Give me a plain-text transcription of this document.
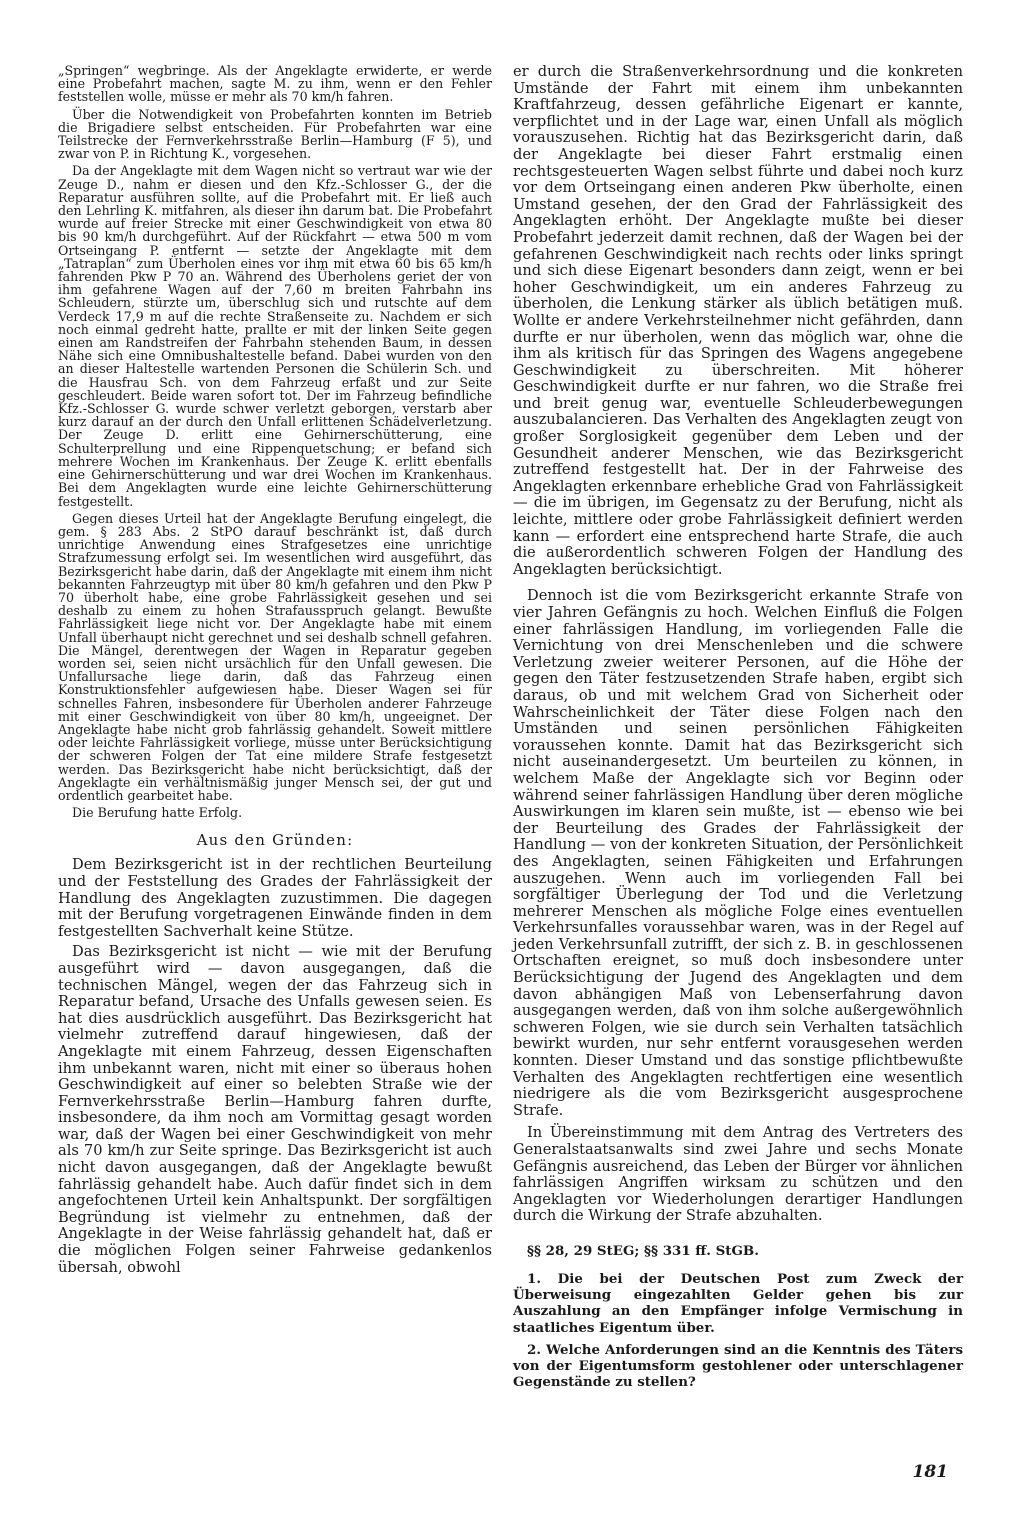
„Springen“ wegbringe. Als der Angeklagte erwiderte, er werde eine Probefahrt machen, sagte M. zu ihm, wenn er den Fehler feststellen wolle, müsse er mehr als 70 km/h fahren.

Über die Notwendigkeit von Probefahrten konnten im Betrieb die Brigadiere selbst entscheiden. Für Probefahrten war eine Teilstrecke der Fernverkehrsstraße Berlin—Hamburg (F 5), und zwar von P. in Richtung K., vorgesehen.

Da der Angeklagte mit dem Wagen nicht so vertraut war wie der Zeuge D., nahm er diesen und den Kfz.-Schlosser G., der die Reparatur ausführen sollte, auf die Probefahrt mit. Er ließ auch den Lehrling K. mitfahren, als dieser ihn darum bat. Die Probefahrt wurde auf freier Strecke mit einer Geschwindigkeit von etwa 80 bis 90 km/h durchgeführt. Auf der Rückfahrt — etwa 500 m vom Ortseingang P. entfernt — setzte der Angeklagte mit dem „Tatraplan“ zum Überholen eines vor ihm mit etwa 60 bis 65 km/h fahrenden Pkw P 70 an. Während des Überholens geriet der von ihm gefahrene Wagen auf der 7,60 m breiten Fahrbahn ins Schleudern, stürzte um, überschlug sich und rutschte auf dem Verdeck 17,9 m auf die rechte Straßenseite zu. Nachdem er sich noch einmal gedreht hatte, prallte er mit der linken Seite gegen einen am Randstreifen der Fahrbahn stehenden Baum, in dessen Nähe sich eine Omnibushaltestelle befand. Dabei wurden von den an dieser Haltestelle wartenden Personen die Schülerin Sch. und die Hausfrau Sch. von dem Fahrzeug erfaßt und zur Seite geschleudert. Beide waren sofort tot. Der im Fahrzeug befindliche Kfz.-Schlosser G. wurde schwer verletzt geborgen, verstarb aber kurz darauf an der durch den Unfall erlittenen Schädelverletzung. Der Zeuge D. erlitt eine Gehirnerschütterung, eine Schulterprellung und eine Rippenquetschung; er befand sich mehrere Wochen im Krankenhaus. Der Zeuge K. erlitt ebenfalls eine Gehirnerschütterung und war drei Wochen im Krankenhaus. Bei dem Angeklagten wurde eine leichte Gehirnerschütterung festgestellt.

Gegen dieses Urteil hat der Angeklagte Berufung eingelegt, die gem. § 283 Abs. 2 StPO darauf beschränkt ist, daß durch unrichtige Anwendung eines Strafgesetzes eine unrichtige Strafzumessung erfolgt sei. Im wesentlichen wird ausgeführt, das Bezirksgericht habe darin, daß der Angeklagte mit einem ihm nicht bekannten Fahrzeugtyp mit über 80 km/h gefahren und den Pkw P 70 überholt habe, eine grobe Fahrlässigkeit gesehen und sei deshalb zu einem zu hohen Strafausspruch gelangt. Bewußte Fahrlässigkeit liege nicht vor. Der Angeklagte habe mit einem Unfall überhaupt nicht gerechnet und sei deshalb schnell gefahren. Die Mängel, derentwegen der Wagen in Reparatur gegeben worden sei, seien nicht ursächlich für den Unfall gewesen. Die Unfallursache liege darin, daß das Fahrzeug einen Konstruktionsfehler aufgewiesen habe. Dieser Wagen sei für schnelles Fahren, insbesondere für Überholen anderer Fahrzeuge mit einer Geschwindigkeit von über 80 km/h, ungeeignet. Der Angeklagte habe nicht grob fahrlässig gehandelt. Soweit mittlere oder leichte Fahrlässigkeit vorliege, müsse unter Berücksichtigung der schweren Folgen der Tat eine mildere Strafe festgesetzt werden. Das Bezirksgericht habe nicht berücksichtigt, daß der Angeklagte ein verhältnismäßig junger Mensch sei, der gut und ordentlich gearbeitet habe.

Die Berufung hatte Erfolg.

Aus den Gründen:

Dem Bezirksgericht ist in der rechtlichen Beurteilung und der Feststellung des Grades der Fahrlässigkeit der Handlung des Angeklagten zuzustimmen. Die dagegen mit der Berufung vorgetragenen Einwände finden in dem festgestellten Sachverhalt keine Stütze.

Das Bezirksgericht ist nicht — wie mit der Berufung ausgeführt wird — davon ausgegangen, daß die technischen Mängel, wegen der das Fahrzeug sich in Reparatur befand, Ursache des Unfalls gewesen seien. Es hat dies ausdrücklich ausgeführt. Das Bezirksgericht hat vielmehr zutreffend darauf hingewiesen, daß der Angeklagte mit einem Fahrzeug, dessen Eigenschaften ihm unbekannt waren, nicht mit einer so überaus hohen Geschwindigkeit auf einer so belebten Straße wie der Fernverkehrsstraße Berlin—Hamburg fahren durfte, insbesondere, da ihm noch am Vormittag gesagt worden war, daß der Wagen bei einer Geschwindigkeit von mehr als 70 km/h zur Seite springe. Das Bezirksgericht ist auch nicht davon ausgegangen, daß der Angeklagte bewußt fahrlässig gehandelt habe. Auch dafür findet sich in dem angefochtenen Urteil kein Anhaltspunkt. Der sorgfältigen Begründung ist vielmehr zu entnehmen, daß der Angeklagte in der Weise fahrlässig gehandelt hat, daß er die möglichen Folgen seiner Fahrweise gedankenlos übersah, obwohl

er durch die Straßenverkehrsordnung und die konkreten Umstände der Fahrt mit einem ihm unbekannten Kraftfahrzeug, dessen gefährliche Eigenart er kannte, verpflichtet und in der Lage war, einen Unfall als möglich vorauszusehen. Richtig hat das Bezirksgericht darin, daß der Angeklagte bei dieser Fahrt erstmalig einen rechtsgesteuerten Wagen selbst führte und dabei noch kurz vor dem Ortseingang einen anderen Pkw überholte, einen Umstand gesehen, der den Grad der Fahrlässigkeit des Angeklagten erhöht. Der Angeklagte mußte bei dieser Probefahrt jederzeit damit rechnen, daß der Wagen bei der gefahrenen Geschwindigkeit nach rechts oder links springt und sich diese Eigenart besonders dann zeigt, wenn er bei hoher Geschwindigkeit, um ein anderes Fahrzeug zu überholen, die Lenkung stärker als üblich betätigen muß. Wollte er andere Verkehrsteilnehmer nicht gefährden, dann durfte er nur überholen, wenn das möglich war, ohne die ihm als kritisch für das Springen des Wagens angegebene Geschwindigkeit zu überschreiten. Mit höherer Geschwindigkeit durfte er nur fahren, wo die Straße frei und breit genug war, eventuelle Schleuderbewegungen auszubalancieren. Das Verhalten des Angeklagten zeugt von großer Sorglosigkeit gegenüber dem Leben und der Gesundheit anderer Menschen, wie das Bezirksgericht zutreffend festgestellt hat. Der in der Fahrweise des Angeklagten erkennbare erhebliche Grad von Fahrlässigkeit — die im übrigen, im Gegensatz zu der Berufung, nicht als leichte, mittlere oder grobe Fahrlässigkeit definiert werden kann — erfordert eine entsprechend harte Strafe, die auch die außerordentlich schweren Folgen der Handlung des Angeklagten berücksichtigt.

Dennoch ist die vom Bezirksgericht erkannte Strafe von vier Jahren Gefängnis zu hoch. Welchen Einfluß die Folgen einer fahrlässigen Handlung, im vorliegenden Falle die Vernichtung von drei Menschenleben und die schwere Verletzung zweier weiterer Personen, auf die Höhe der gegen den Täter festzusetzenden Strafe haben, ergibt sich daraus, ob und mit welchem Grad von Sicherheit oder Wahrscheinlichkeit der Täter diese Folgen nach den Umständen und seinen persönlichen Fähigkeiten voraussehen konnte. Damit hat das Bezirksgericht sich nicht auseinandergesetzt. Um beurteilen zu können, in welchem Maße der Angeklagte sich vor Beginn oder während seiner fahrlässigen Handlung über deren mögliche Auswirkungen im klaren sein mußte, ist — ebenso wie bei der Beurteilung des Grades der Fahrlässigkeit der Handlung — von der konkreten Situation, der Persönlichkeit des Angeklagten, seinen Fähigkeiten und Erfahrungen auszugehen. Wenn auch im vorliegenden Fall bei sorgfältiger Überlegung der Tod und die Verletzung mehrerer Menschen als mögliche Folge eines eventuellen Verkehrsunfalles voraussehbar waren, was in der Regel auf jeden Verkehrsunfall zutrifft, der sich z. B. in geschlossenen Ortschaften ereignet, so muß doch insbesondere unter Berücksichtigung der Jugend des Angeklagten und dem davon abhängigen Maß von Lebenserfahrung davon ausgegangen werden, daß von ihm solche außergewöhnlich schweren Folgen, wie sie durch sein Verhalten tatsächlich bewirkt wurden, nur sehr entfernt vorausgesehen werden konnten. Dieser Umstand und das sonstige pflichtbewußte Verhalten des Angeklagten rechtfertigen eine wesentlich niedrigere als die vom Bezirksgericht ausgesprochene Strafe.

In Übereinstimmung mit dem Antrag des Vertreters des Generalstaatsanwalts sind zwei Jahre und sechs Monate Gefängnis ausreichend, das Leben der Bürger vor ähnlichen fahrlässigen Angriffen wirksam zu schützen und den Angeklagten vor Wiederholungen derartiger Handlungen durch die Wirkung der Strafe abzuhalten.

§§ 28, 29 StEG; §§ 331 ff. StGB.

1. Die bei der Deutschen Post zum Zweck der Überweisung eingezahlten Gelder gehen bis zur Auszahlung an den Empfänger infolge Vermischung in staatliches Eigentum über.

2. Welche Anforderungen sind an die Kenntnis des Täters von der Eigentumsform gestohlener oder unterschlagener Gegenstände zu stellen?

181
